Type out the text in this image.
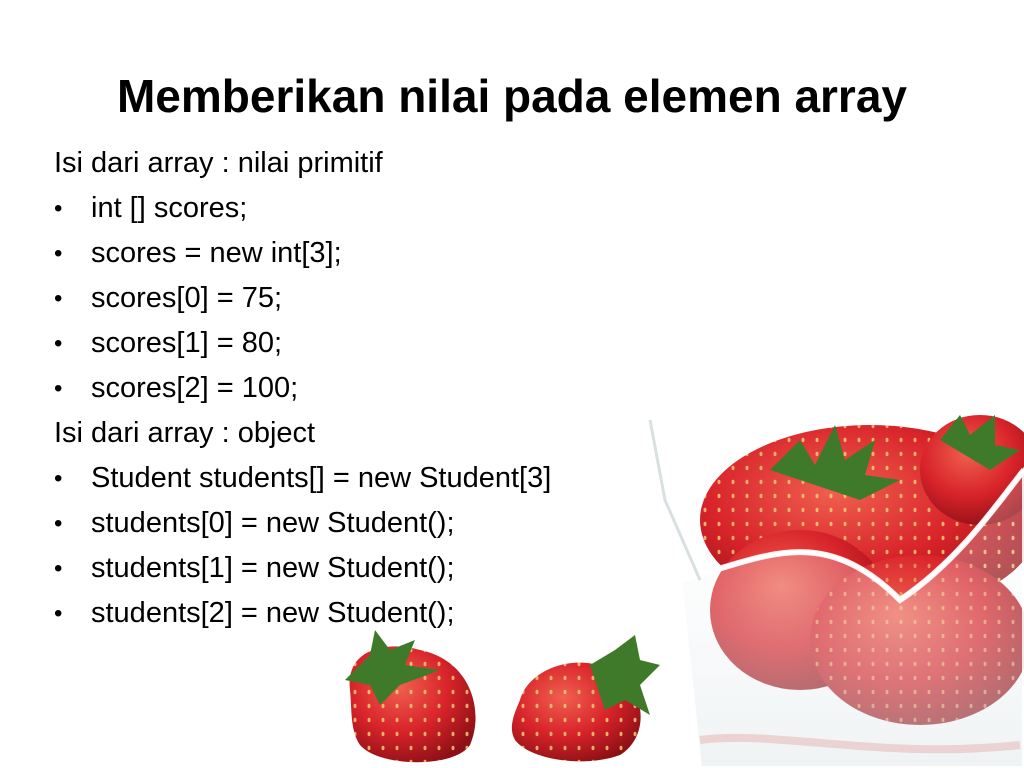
Memberikan nilai pada elemen array
Isi dari array : nilai primitif
• int [] scores;
• scores = new int[3];
• scores[0] = 75;
• scores[1] = 80;
• scores[2] = 100;
Isi dari array : object
• Student students[] = new Student[3]
• students[0] = new Student();
• students[1] = new Student();
• students[2] = new Student();
